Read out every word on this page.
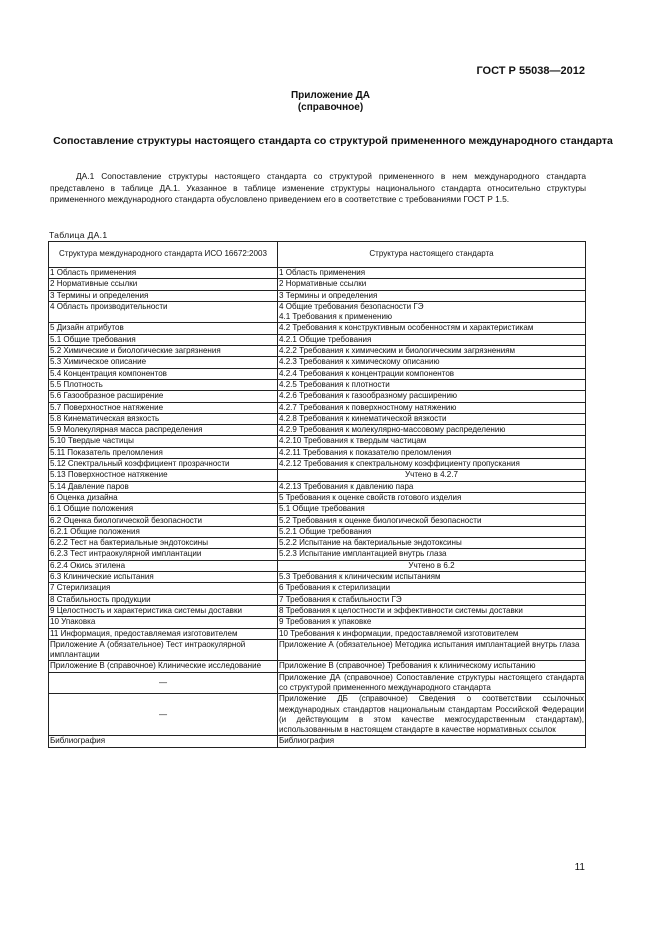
ГОСТ Р 55038—2012
Приложение ДА
(справочное)
Сопоставление структуры настоящего стандарта со структурой примененного международного стандарта
ДА.1 Сопоставление структуры настоящего стандарта со структурой примененного в нем международного стандарта представлено в таблице ДА.1. Указанное в таблице изменение структуры национального стандарта относительно структуры примененного международного стандарта обусловлено приведением его в соответствие с требованиями ГОСТ Р 1.5.
Таблица ДА.1
Структура международного стандарта ИСО 16672:2003	Структура настоящего стандарта
1 Область применения	1 Область применения
2 Нормативные ссылки	2 Нормативные ссылки
3 Термины и определения	3 Термины и определения
4 Область производительности	4 Общие требования безопасности ГЭ
4.1 Требования к применению
5 Дизайн атрибутов	4.2 Требования к конструктивным особенностям и характеристикам
5.1 Общие требования	4.2.1 Общие требования
5.2 Химические и биологические загрязнения	4.2.2 Требования к химическим и биологическим загрязнениям
5.3 Химическое описание	4.2.3 Требования к химическому описанию
5.4 Концентрация компонентов	4.2.4 Требования к концентрации компонентов
5.5 Плотность	4.2.5 Требования к плотности
5.6 Газообразное расширение	4.2.6 Требования к газообразному расширению
5.7 Поверхностное натяжение	4.2.7 Требования к поверхностному натяжению
5.8 Кинематическая вязкость	4.2.8 Требования к кинематической вязкости
5.9 Молекулярная масса распределения	4.2.9 Требования к молекулярно-массовому распределению
5.10 Твердые частицы	4.2.10 Требования к твердым частицам
5.11 Показатель преломления	4.2.11 Требования к показателю преломления
5.12 Спектральный коэффициент прозрачности	4.2.12 Требования к спектральному коэффициенту пропускания
5.13 Поверхностное натяжение	Учтено в 4.2.7
5.14 Давление паров	4.2.13 Требования к давлению пара
6 Оценка дизайна	5 Требования к оценке свойств готового изделия
6.1 Общие положения	5.1 Общие требования
6.2 Оценка биологической безопасности	5.2 Требования к оценке биологической безопасности
6.2.1 Общие положения	5.2.1 Общие требования
6.2.2 Тест на бактериальные эндотоксины	5.2.2 Испытание на бактериальные эндотоксины
6.2.3 Тест интраокулярной имплантации	5.2.3 Испытание имплантацией внутрь глаза
6.2.4 Окись этилена	Учтено в 6.2
6.3 Клинические испытания	5.3 Требования к клиническим испытаниям
7 Стерилизация	6 Требования к стерилизации
8 Стабильность продукции	7 Требования к стабильности ГЭ
9 Целостность и характеристика системы доставки	8 Требования к целостности и эффективности системы доставки
10 Упаковка	9 Требования к упаковке
11 Информация, предоставляемая изготовителем	10 Требования к информации, предоставляемой изготовителем
Приложение А (обязательное) Тест интраокулярной имплантации	Приложение А (обязательное) Методика испытания имплантацией внутрь глаза
Приложение В (справочное) Клинические исследование	Приложение В (справочное) Требования к клиническому испытанию
—	Приложение ДА (справочное) Сопоставление структуры настоящего стандарта со структурой примененного международного стандарта
—	Приложение ДБ (справочное) Сведения о соответствии ссылочных международных стандартов национальным стандартам Российской Федерации (и действующим в этом качестве межгосударственным стандартам), использованным в настоящем стандарте в качестве нормативных ссылок
Библиография	Библиография
11
